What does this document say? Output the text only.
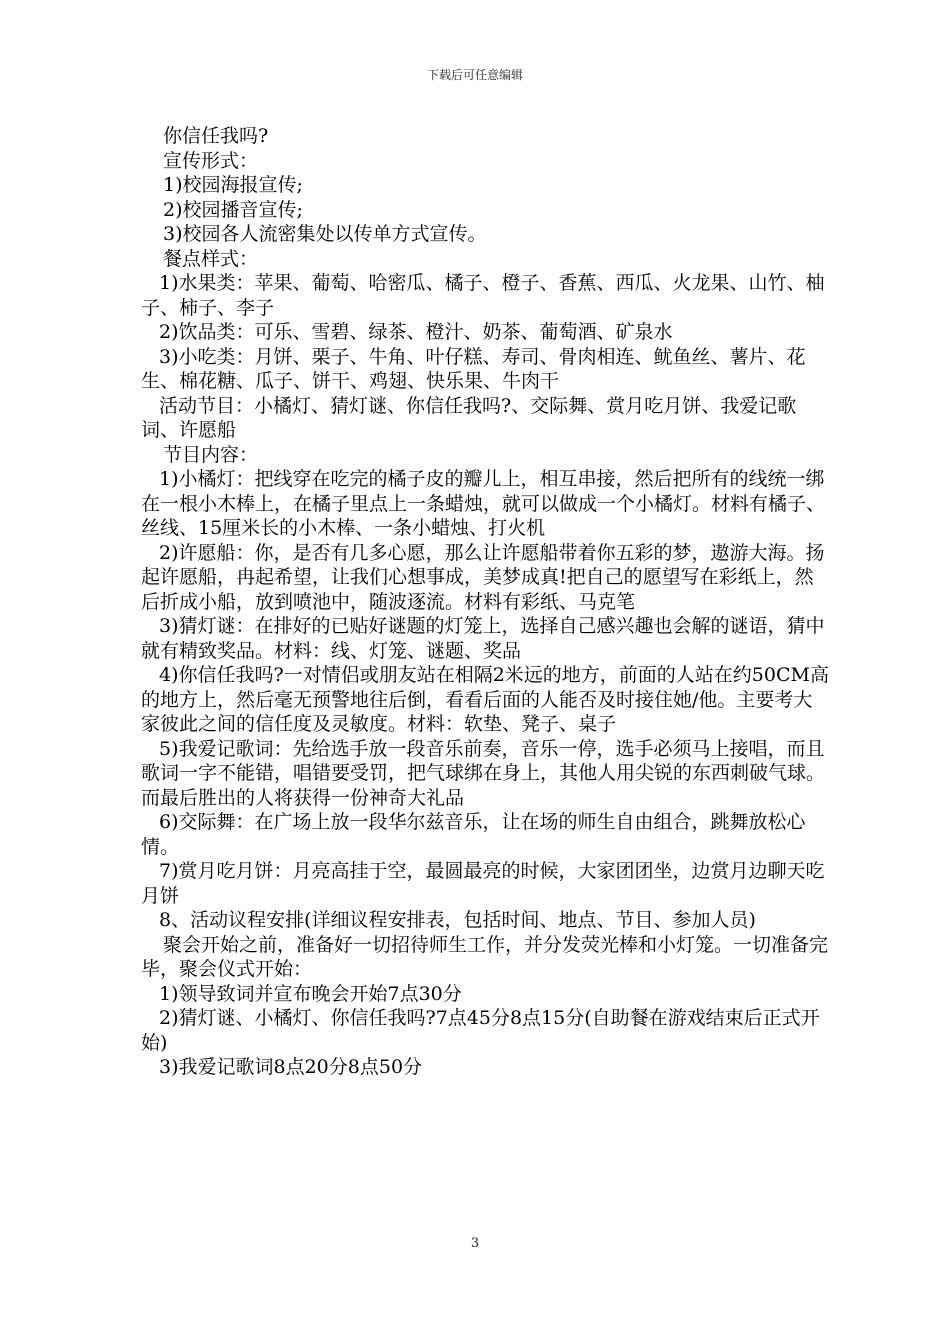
下载后可任意编辑

你信任我吗?

宣传形式：

1)校园海报宣传;

2)校园播音宣传;

3)校园各人流密集处以传单方式宣传。

餐点样式：

1)水果类：苹果、葡萄、哈密瓜、橘子、橙子、香蕉、西瓜、火龙果、山竹、柚子、柿子、李子

2)饮品类：可乐、雪碧、绿茶、橙汁、奶茶、葡萄酒、矿泉水

3)小吃类：月饼、栗子、牛角、叶仔糕、寿司、骨肉相连、鱿鱼丝、薯片、花生、棉花糖、瓜子、饼干、鸡翅、快乐果、牛肉干

活动节目：小橘灯、猜灯谜、你信任我吗?、交际舞、赏月吃月饼、我爱记歌词、许愿船

节目内容：

1)小橘灯：把线穿在吃完的橘子皮的瓣儿上，相互串接，然后把所有的线统一绑在一根小木棒上，在橘子里点上一条蜡烛，就可以做成一个小橘灯。材料有橘子、丝线、15厘米长的小木棒、一条小蜡烛、打火机

2)许愿船：你，是否有几多心愿，那么让许愿船带着你五彩的梦，遨游大海。扬起许愿船，冉起希望，让我们心想事成，美梦成真!把自己的愿望写在彩纸上，然后折成小船，放到喷池中，随波逐流。材料有彩纸、马克笔

3)猜灯谜：在排好的已贴好谜题的灯笼上，选择自己感兴趣也会解的谜语，猜中就有精致奖品。材料：线、灯笼、谜题、奖品

4)你信任我吗?一对情侣或朋友站在相隔2米远的地方，前面的人站在约50CM高的地方上，然后毫无预警地往后倒，看看后面的人能否及时接住她/他。主要考大家彼此之间的信任度及灵敏度。材料：软垫、凳子、桌子

5)我爱记歌词：先给选手放一段音乐前奏，音乐一停，选手必须马上接唱，而且歌词一字不能错，唱错要受罚，把气球绑在身上，其他人用尖锐的东西刺破气球。而最后胜出的人将获得一份神奇大礼品

6)交际舞：在广场上放一段华尔兹音乐，让在场的师生自由组合，跳舞放松心情。

7)赏月吃月饼：月亮高挂于空，最圆最亮的时候，大家团团坐，边赏月边聊天吃月饼

8、活动议程安排(详细议程安排表，包括时间、地点、节目、参加人员)

聚会开始之前，准备好一切招待师生工作，并分发荧光棒和小灯笼。一切准备完毕，聚会仪式开始：

1)领导致词并宣布晚会开始7点30分

2)猜灯谜、小橘灯、你信任我吗?7点45分8点15分(自助餐在游戏结束后正式开始)

3)我爱记歌词8点20分8点50分

3
